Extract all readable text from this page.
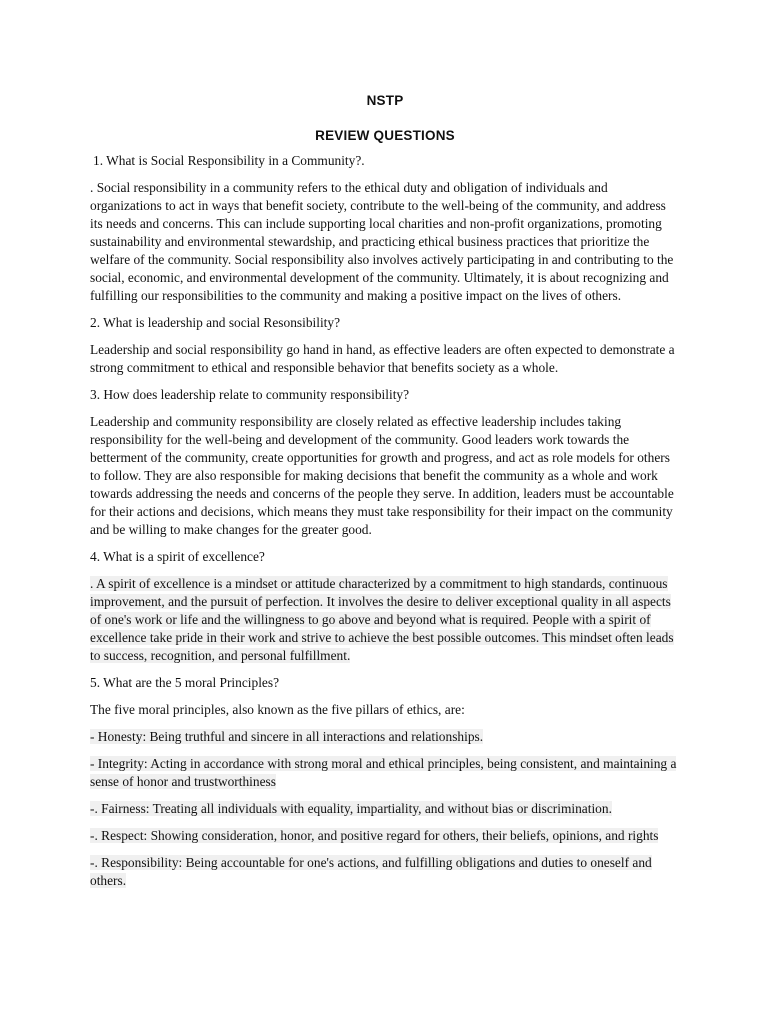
NSTP

REVIEW QUESTIONS

1. What is Social Responsibility in a Community?.

. Social responsibility in a community refers to the ethical duty and obligation of individuals and organizations to act in ways that benefit society, contribute to the well-being of the community, and address its needs and concerns. This can include supporting local charities and non-profit organizations, promoting sustainability and environmental stewardship, and practicing ethical business practices that prioritize the welfare of the community. Social responsibility also involves actively participating in and contributing to the social, economic, and environmental development of the community. Ultimately, it is about recognizing and fulfilling our responsibilities to the community and making a positive impact on the lives of others.

2. What is leadership and social Resonsibility?

Leadership and social responsibility go hand in hand, as effective leaders are often expected to demonstrate a strong commitment to ethical and responsible behavior that benefits society as a whole.

3. How does leadership relate to community responsibility?

Leadership and community responsibility are closely related as effective leadership includes taking responsibility for the well-being and development of the community. Good leaders work towards the betterment of the community, create opportunities for growth and progress, and act as role models for others to follow. They are also responsible for making decisions that benefit the community as a whole and work towards addressing the needs and concerns of the people they serve. In addition, leaders must be accountable for their actions and decisions, which means they must take responsibility for their impact on the community and be willing to make changes for the greater good.

4. What is a spirit of excellence?

. A spirit of excellence is a mindset or attitude characterized by a commitment to high standards, continuous improvement, and the pursuit of perfection. It involves the desire to deliver exceptional quality in all aspects of one's work or life and the willingness to go above and beyond what is required. People with a spirit of excellence take pride in their work and strive to achieve the best possible outcomes. This mindset often leads to success, recognition, and personal fulfillment.

5. What are the 5 moral Principles?

The five moral principles, also known as the five pillars of ethics, are:

- Honesty: Being truthful and sincere in all interactions and relationships.

- Integrity: Acting in accordance with strong moral and ethical principles, being consistent, and maintaining a sense of honor and trustworthiness

-. Fairness: Treating all individuals with equality, impartiality, and without bias or discrimination.

-. Respect: Showing consideration, honor, and positive regard for others, their beliefs, opinions, and rights

-. Responsibility: Being accountable for one's actions, and fulfilling obligations and duties to oneself and others.
